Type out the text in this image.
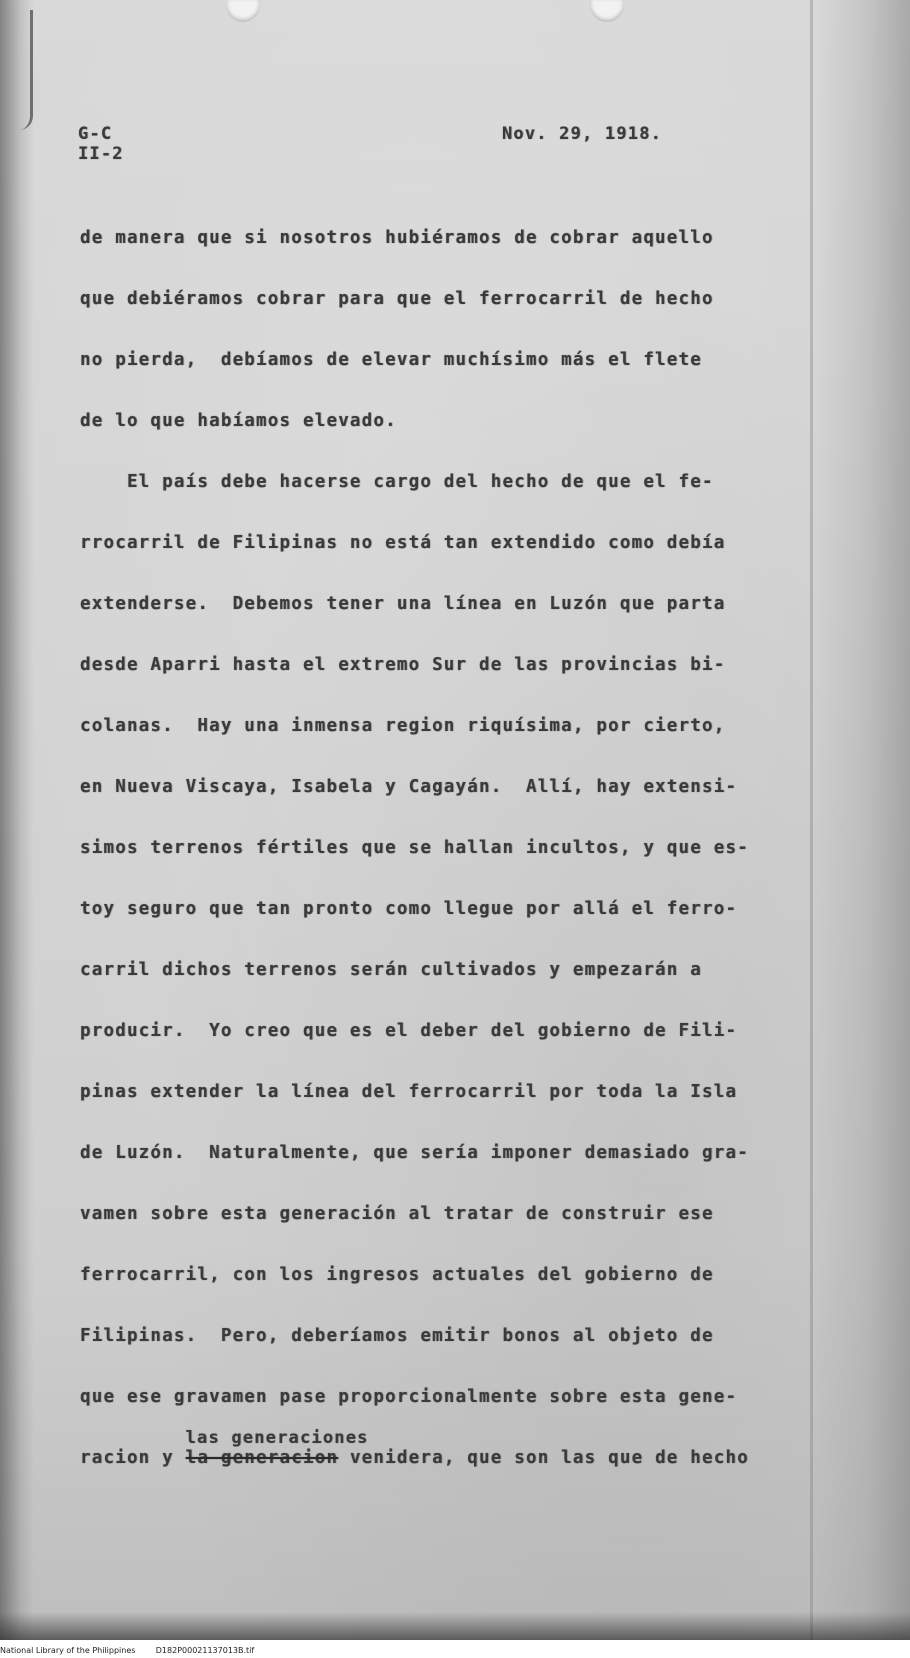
G-C
II-2
Nov. 29, 1918.
de manera que si nosotros hubiéramos de cobrar aquello
que debiéramos cobrar para que el ferrocarril de hecho
no pierda,  debíamos de elevar muchísimo más el flete
de lo que habíamos elevado.
El país debe hacerse cargo del hecho de que el fe-
rrocarril de Filipinas no está tan extendido como debía
extenderse.  Debemos tener una línea en Luzón que parta
desde Aparri hasta el extremo Sur de las provincias bi-
colanas.  Hay una inmensa region riquísima, por cierto,
en Nueva Viscaya, Isabela y Cagayán.  Allí, hay extensi-
simos terrenos fértiles que se hallan incultos, y que es-
toy seguro que tan pronto como llegue por allá el ferro-
carril dichos terrenos serán cultivados y empezarán a
producir.  Yo creo que es el deber del gobierno de Fili-
pinas extender la línea del ferrocarril por toda la Isla
de Luzón.  Naturalmente, que sería imponer demasiado gra-
vamen sobre esta generación al tratar de construir ese
ferrocarril, con los ingresos actuales del gobierno de
Filipinas.  Pero, deberíamos emitir bonos al objeto de
que ese gravamen pase proporcionalmente sobre esta gene-
racion y
las generaciones
la generacion venidera, que son las que de hecho
National Library of the Philippines	D182P00021137013B.tif
